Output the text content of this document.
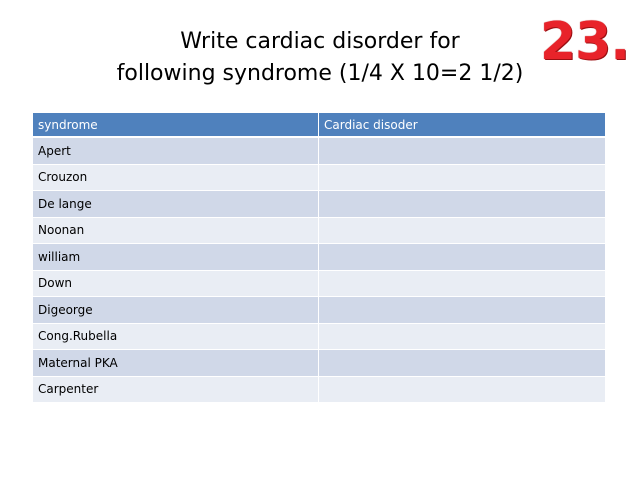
Write cardiac disorder for
following syndrome (1/4 X 10=2 1/2)
23.
syndrome	Cardiac disoder
Apert	
Crouzon	
De lange	
Noonan	
william	
Down	
Digeorge	
Cong.Rubella	
Maternal PKA	
Carpenter	
